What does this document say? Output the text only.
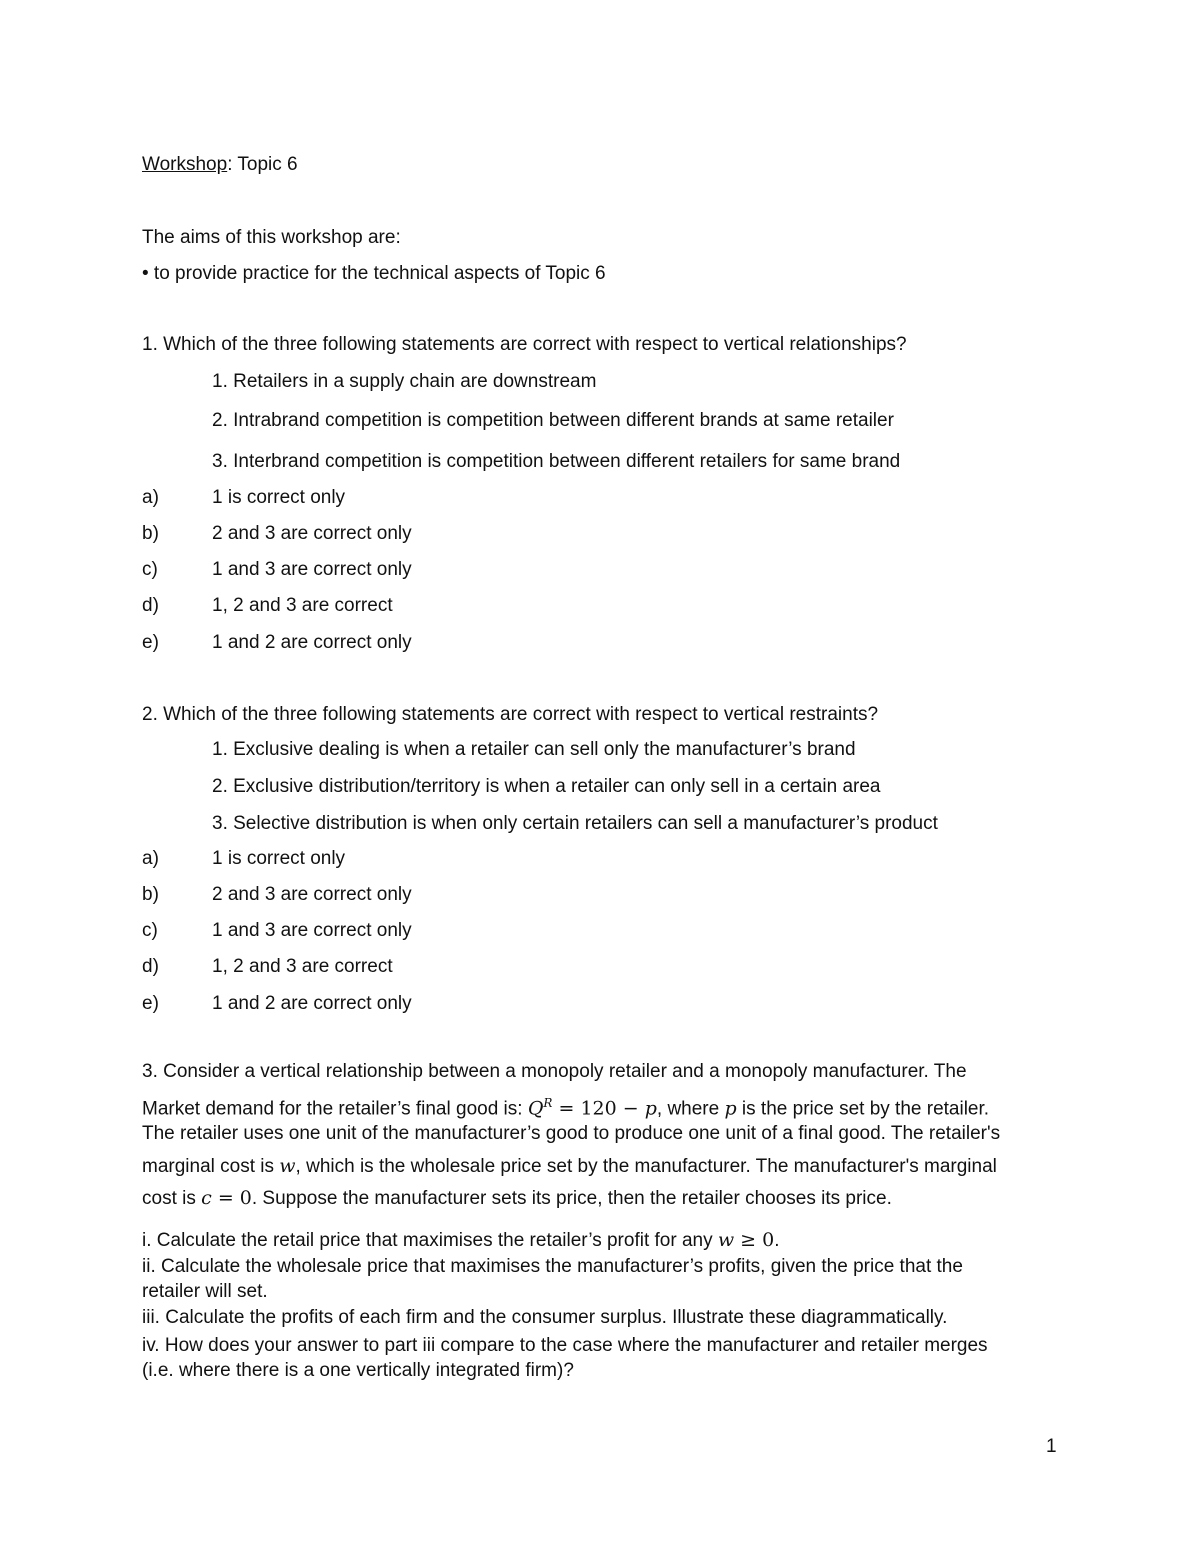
Workshop: Topic 6
The aims of this workshop are:
• to provide practice for the technical aspects of Topic 6
1. Which of the three following statements are correct with respect to vertical relationships?
1. Retailers in a supply chain are downstream
2. Intrabrand competition is competition between different brands at same retailer
3. Interbrand competition is competition between different retailers for same brand
a)	1 is correct only
b)	2 and 3 are correct only
c)	1 and 3 are correct only
d)	1, 2 and 3 are correct
e)	1 and 2 are correct only
2. Which of the three following statements are correct with respect to vertical restraints?
1. Exclusive dealing is when a retailer can sell only the manufacturer’s brand
2. Exclusive distribution/territory is when a retailer can only sell in a certain area
3. Selective distribution is when only certain retailers can sell a manufacturer’s product
a)	1 is correct only
b)	2 and 3 are correct only
c)	1 and 3 are correct only
d)	1, 2 and 3 are correct
e)	1 and 2 are correct only
3. Consider a vertical relationship between a monopoly retailer and a monopoly manufacturer. The
Market demand for the retailer’s final good is: $Q^R = 120 - p$, where p is the price set by the retailer.
The retailer uses one unit of the manufacturer’s good to produce one unit of a final good. The retailer's
marginal cost is w, which is the wholesale price set by the manufacturer. The manufacturer's marginal
cost is c = 0. Suppose the manufacturer sets its price, then the retailer chooses its price.
i. Calculate the retail price that maximises the retailer’s profit for any w ≥ 0.
ii. Calculate the wholesale price that maximises the manufacturer’s profits, given the price that the
retailer will set.
iii. Calculate the profits of each firm and the consumer surplus. Illustrate these diagrammatically.
iv. How does your answer to part iii compare to the case where the manufacturer and retailer merges
(i.e. where there is a one vertically integrated firm)?
1
